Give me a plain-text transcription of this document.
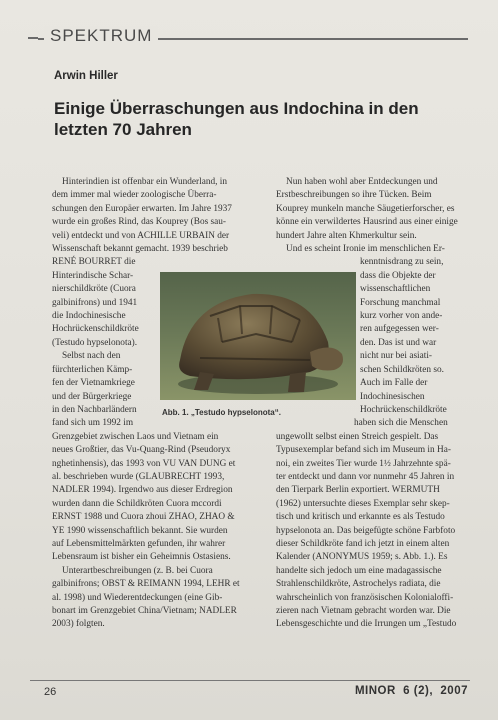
SPEKTRUM
Arwin Hiller
Einige Überraschungen aus Indochina in den letzten 70 Jahren
Hinterindien ist offenbar ein Wunderland, in
dem immer mal wieder zoologische Überra-
schungen den Europäer erwarten. Im Jahre 1937
wurde ein großes Rind, das Kouprey (Bos sau-
veli) entdeckt und von ACHILLE URBAIN der
Wissenschaft bekannt gemacht. 1939 beschrieb
RENÉ BOURRET die
Hinterindische Schar-
nierschildkröte (Cuora
galbinifrons) und 1941
die Indochinesische
Hochrückenschildkröte
(Testudo hypselonota).
Selbst nach den
fürchterlichen Kämp-
fen der Vietnamkriege
und der Bürgerkriege
in den Nachbarländern
fand sich um 1992 im
Grenzgebiet zwischen Laos und Vietnam ein
neues Großtier, das Vu-Quang-Rind (Pseudoryx
nghetinhensis), das 1993 von VU VAN DUNG et
al. beschrieben wurde (GLAUBRECHT 1993,
NADLER 1994). Irgendwo aus dieser Erdregion
wurden dann die Schildkröten Cuora mccordi
ERNST 1988 und Cuora zhoui ZHAO, ZHAO &
YE 1990 wissenschaftlich bekannt. Sie wurden
auf Lebensmittelmärkten gefunden, ihr wahrer
Lebensraum ist bisher ein Geheimnis Ostasiens.
Unterartbeschreibungen (z. B. bei Cuora
galbinifrons; OBST & REIMANN 1994, LEHR et
al. 1998) und Wiederentdeckungen (eine Gib-
bonart im Grenzgebiet China/Vietnam; NADLER
2003) folgten.
Nun haben wohl aber Entdeckungen und
Erstbeschreibungen so ihre Tücken. Beim
Kouprey munkeln manche Säugetierforscher, es
könne ein verwildertes Hausrind aus einer einige
hundert Jahre alten Khmerkultur sein.
Und es scheint Ironie im menschlichen Er-
kenntnisdrang zu sein,
dass die Objekte der
wissenschaftlichen
Forschung manchmal
kurz vorher von ande-
ren aufgegessen wer-
den. Das ist und war
nicht nur bei asiati-
schen Schildkröten so.
Auch im Falle der
Indochinesischen
Hochrückenschildkröte
haben sich die Menschen
ungewollt selbst einen Streich gespielt. Das
Typusexemplar befand sich im Museum in Ha-
noi, ein zweites Tier wurde 1½ Jahrzehnte spä-
ter entdeckt und dann vor nunmehr 45 Jahren in
den Tierpark Berlin exportiert. WERMUTH
(1962) untersuchte dieses Exemplar sehr skep-
tisch und kritisch und erkannte es als Testudo
hypselonota an. Das beigefügte schöne Farbfoto
dieser Schildkröte fand ich jetzt in einem alten
Kalender (ANONYMUS 1959; s. Abb. 1.). Es
handelte sich jedoch um eine madagassische
Strahlenschildkröte, Astrochelys radiata, die
wahrscheinlich von französischen Kolonialoffi-
zieren nach Vietnam gebracht worden war. Die
Lebensgeschichte und die Irrungen um „Testudo
Abb. 1. „Testudo hypselonota“.
26	MINOR  6 (2),  2007
